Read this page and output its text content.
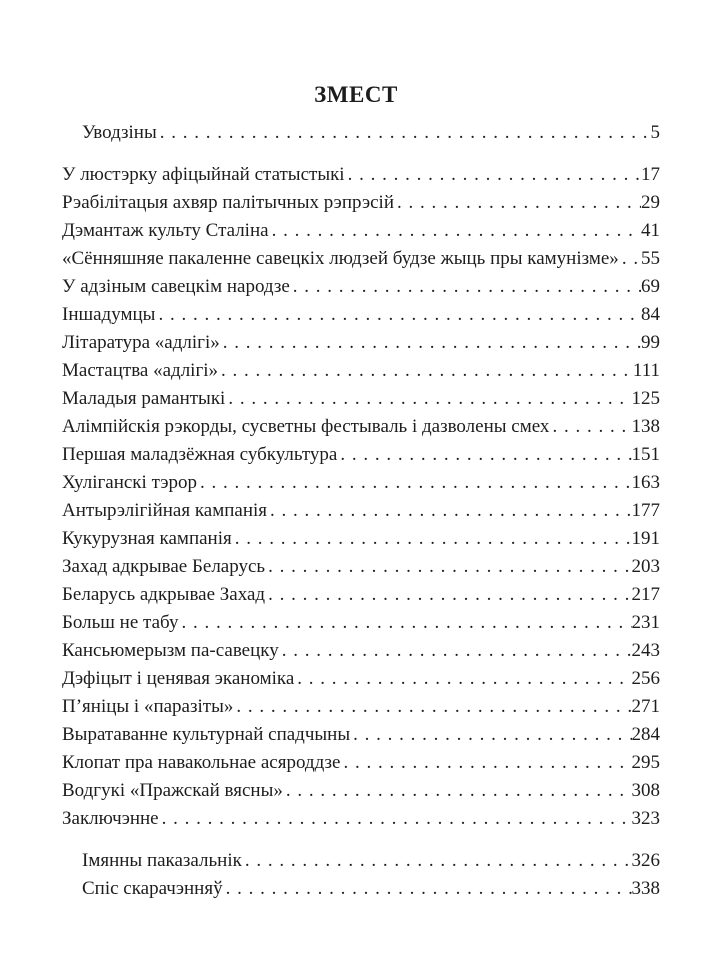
ЗМЕСТ
Уводзіны . . .	5
У люстэрку афіцыйнай статыстыкі . . .	17
Рэабілітацыя ахвяр палітычных рэпрэсій . . .	29
Дэмантаж культу Сталіна . . .	41
«Сённяшняе пакаленне савецкіх людзей будзе жыць пры камунізме» . . . 55
У адзіным савецкім народзе . . .	69
Іншадумцы . . .	84
Літаратура «адлігі» . . .	99
Мастацтва «адлігі» . . .	111
Маладыя рамантыкі . . .	125
Алімпійскія рэкорды, сусветны фестываль і дазволены смех . . .	138
Першая маладзёжная субкультура . . .	151
Хуліганскі тэрор . . .	163
Антырэлігійная кампанія . . .	177
Кукурузная кампанія . . .	191
Захад адкрывае Беларусь . . .	203
Беларусь адкрывае Захад . . .	217
Больш не табу . . .	231
Кансьюмерызм па-савецку . . .	243
Дэфіцыт і ценявая эканоміка . . .	256
П’яніцы і «паразіты» . . .	271
Выратаванне культурнай спадчыны . . .	284
Клопат пра навакольнае асяроддзе . . .	295
Водгукі «Пражскай вясны» . . .	308
Заключэнне . . .	323
Імянны паказальнік . . .	326
Спіс скарачэнняў . . .	338
